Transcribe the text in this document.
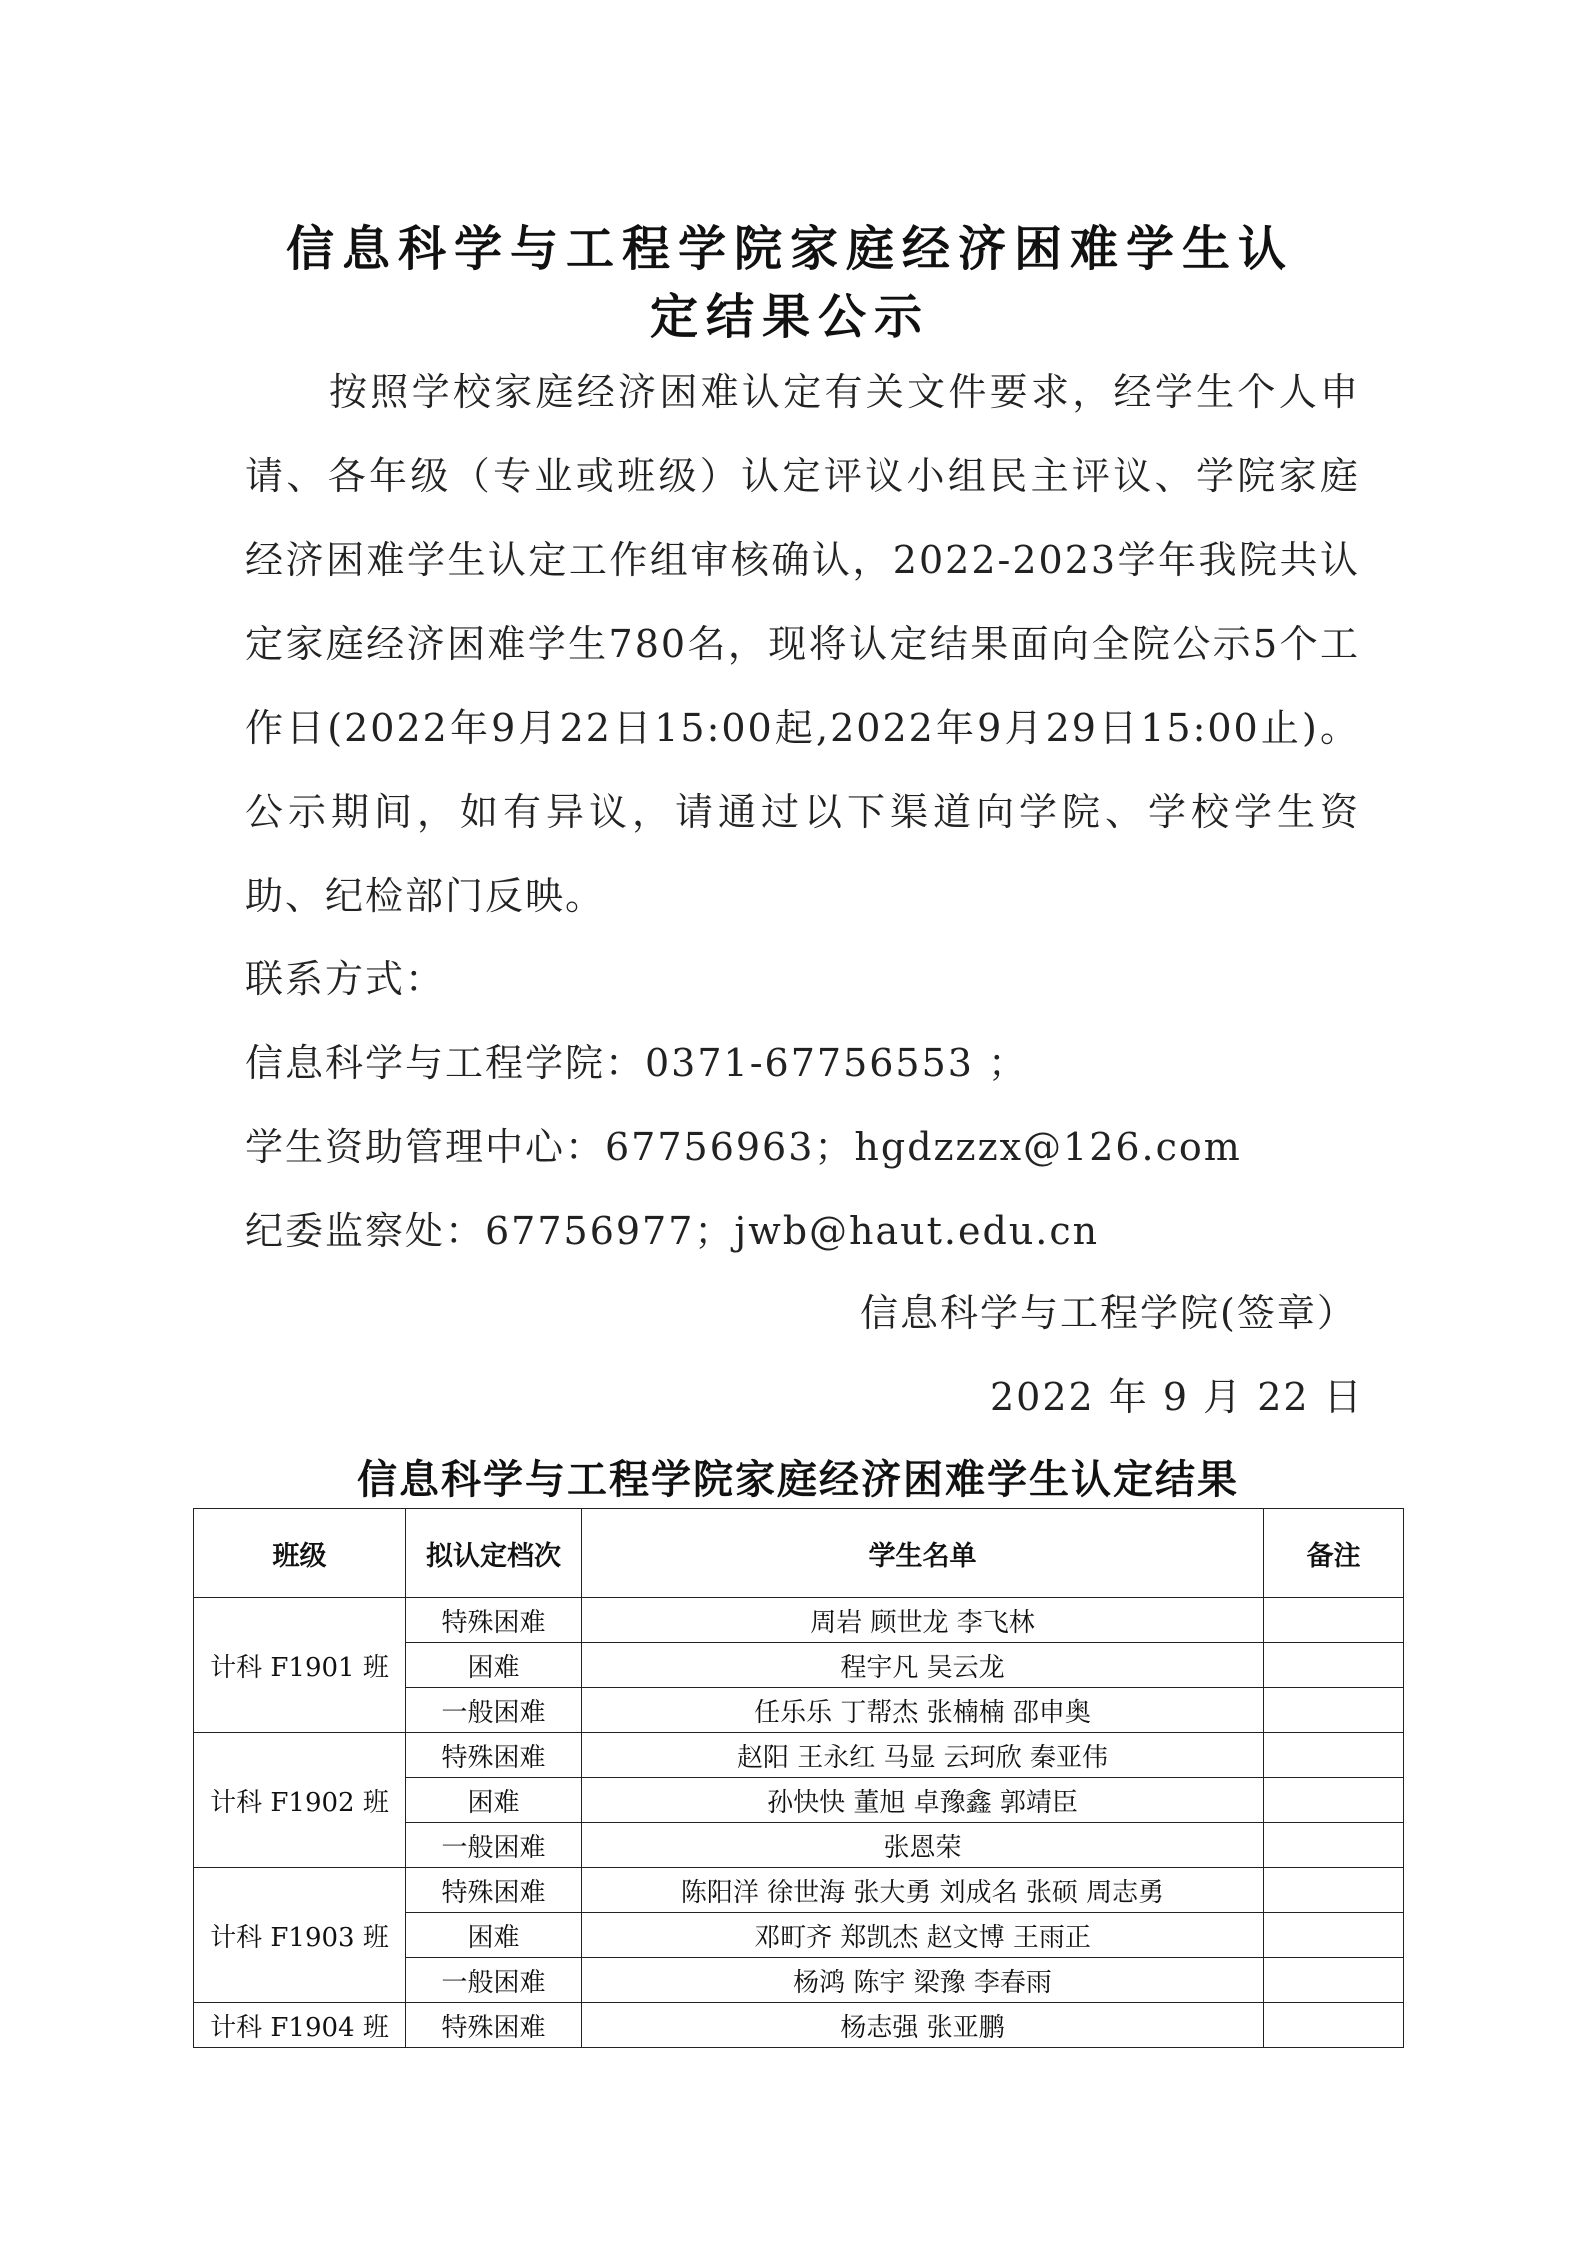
信息科学与工程学院家庭经济困难学生认
定结果公示

按照学校家庭经济困难认定有关文件要求，经学生个人申请、各年级（专业或班级）认定评议小组民主评议、学院家庭经济困难学生认定工作组审核确认，2022-2023学年我院共认定家庭经济困难学生780名，现将认定结果面向全院公示5个工作日(2022年9月22日15:00起,2022年9月29日15:00止)。公示期间，如有异议，请通过以下渠道向学院、学校学生资助、纪检部门反映。

联系方式：
信息科学与工程学院：0371-67756553 ；
学生资助管理中心：67756963；hgdzzzx@126.com
纪委监察处：67756977；jwb@haut.edu.cn
信息科学与工程学院(签章）
2022 年 9 月 22 日
信息科学与工程学院家庭经济困难学生认定结果
班级	拟认定档次	学生名单	备注
计科 F1901 班	特殊困难	周岩 顾世龙 李飞林	
	困难	程宇凡 吴云龙	
	一般困难	任乐乐 丁帮杰 张楠楠 邵申奥	
计科 F1902 班	特殊困难	赵阳 王永红 马显 云珂欣 秦亚伟	
	困难	孙快快 董旭 卓豫鑫 郭靖臣	
	一般困难	张恩荣	
计科 F1903 班	特殊困难	陈阳洋 徐世海 张大勇 刘成名 张硕 周志勇	
	困难	邓町齐 郑凯杰 赵文博 王雨正	
	一般困难	杨鸿 陈宇 梁豫 李春雨	
计科 F1904 班	特殊困难	杨志强 张亚鹏	
